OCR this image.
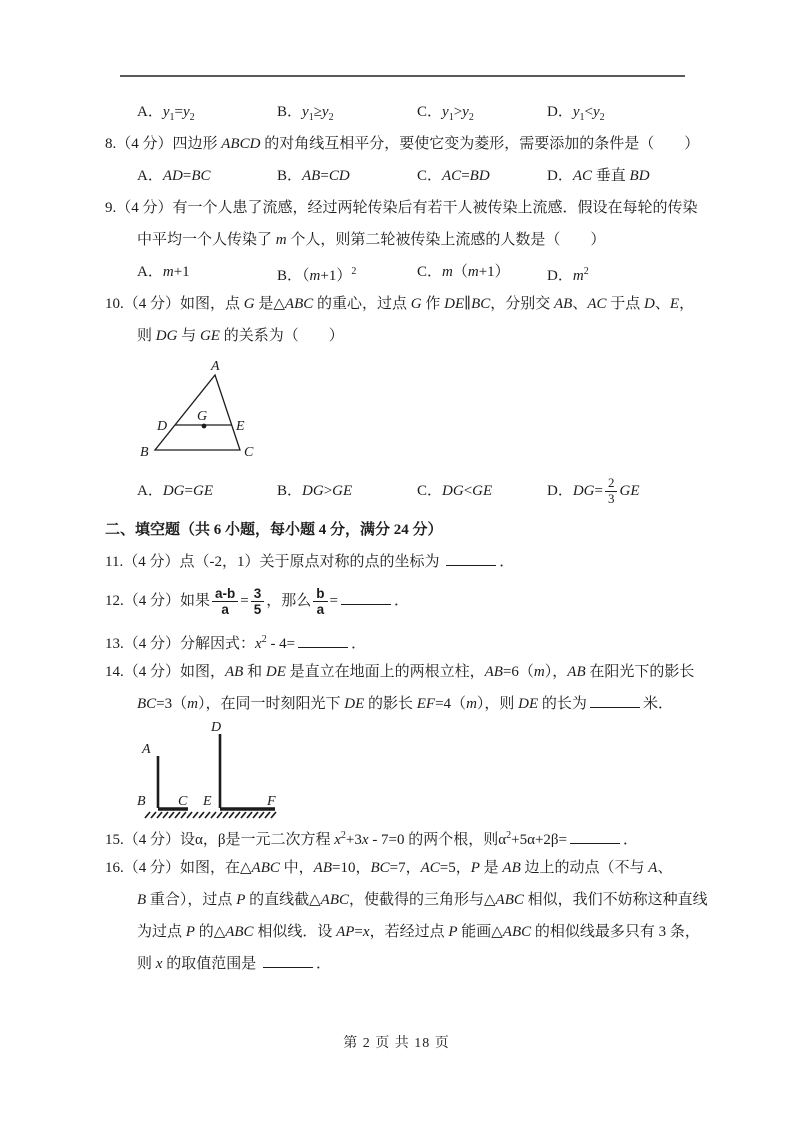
A．$y_1=y_2$	B．$y_1\ge y_2$	C．$y_1>y_2$	D．$y_1<y_2$
8.（4 分）四边形 ABCD 的对角线互相平分，要使它变为菱形，需要添加的条件是（　　）
A．AD=BC	B．AB=CD	C．AC=BD	D．AC 垂直 BD
9.（4 分）有一个人患了流感，经过两轮传染后有若干人被传染上流感．假设在每轮的传染
中平均一个人传染了 m 个人，则第二轮被传染上流感的人数是（　　）
A．m+1	B．$(m+1)^2$	C．m（m+1）	D．$m^2$
10.（4 分）如图，点 G 是△ABC 的重心，过点 G 作 DE∥BC，分别交 AB、AC 于点 D、E，
则 DG 与 GE 的关系为（　　）
A
B	C
D	E
G
A．DG=GE	B．DG>GE	C．DG<GE	D．$DG= \frac{2}{3}$ GE
二、填空题（共 6 小题，每小题 4 分，满分 24 分）
11.（4 分）点（-2，1）关于原点对称的点的坐标为	．
12.（4 分）如果 $\frac{a-b}{a} = \frac{3}{5}$ ，那么 $\frac{b}{a}$ =	．
13.（4 分）分解因式：$x^2 - 4=$	．
14.（4 分）如图，AB 和 DE 是直立在地面上的两根立柱，AB=6（m），AB 在阳光下的影长
BC=3（m），在同一时刻阳光下 DE 的影长 EF=4（m），则 DE 的长为	米．
A
B C
D
E	F
15.（4 分）设α，β是一元二次方程 $x^2+3x - 7=0$ 的两个根，则$\alpha^2+5\alpha+2\beta=$	．
16.（4 分）如图，在△ABC 中，AB=10，BC=7，AC=5，P 是 AB 边上的动点（不与 A、
B 重合），过点 P 的直线截△ABC，使截得的三角形与△ABC 相似，我们不妨称这种直线
为过点 P 的△ABC 相似线．设 AP=x，若经过点 P 能画△ABC 的相似线最多只有 3 条，
则 x 的取值范围是	．
第 2 页 共 18 页
